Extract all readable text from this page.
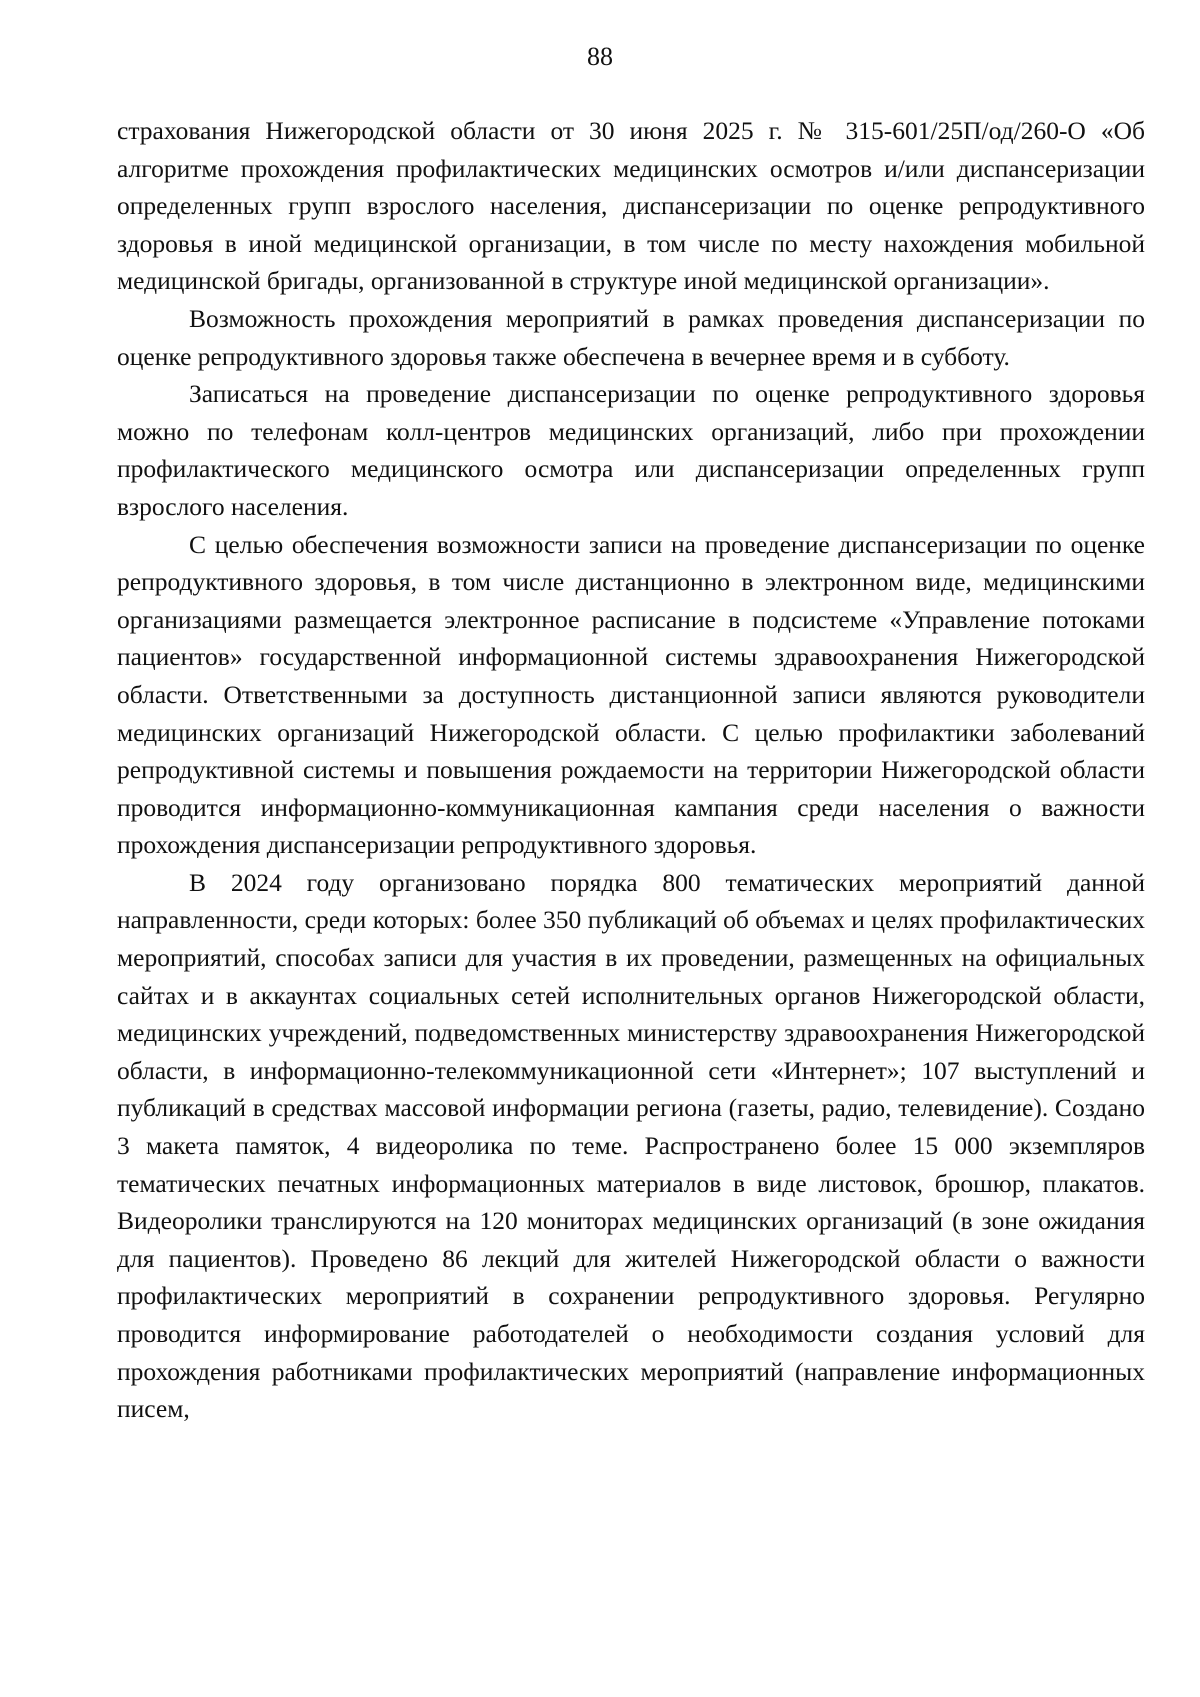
88

страхования Нижегородской области от 30 июня 2025 г. № 315-601/25П/од/260-О «Об алгоритме прохождения профилактических медицинских осмотров и/или диспансеризации определенных групп взрослого населения, диспансеризации по оценке репродуктивного здоровья в иной медицинской организации, в том числе по месту нахождения мобильной медицинской бригады, организованной в структуре иной медицинской организации».

Возможность прохождения мероприятий в рамках проведения диспансеризации по оценке репродуктивного здоровья также обеспечена в вечернее время и в субботу.

Записаться на проведение диспансеризации по оценке репродуктивного здоровья можно по телефонам колл-центров медицинских организаций, либо при прохождении профилактического медицинского осмотра или диспансеризации определенных групп взрослого населения.

С целью обеспечения возможности записи на проведение диспансеризации по оценке репродуктивного здоровья, в том числе дистанционно в электронном виде, медицинскими организациями размещается электронное расписание в подсистеме «Управление потоками пациентов» государственной информационной системы здравоохранения Нижегородской области. Ответственными за доступность дистанционной записи являются руководители медицинских организаций Нижегородской области. С целью профилактики заболеваний репродуктивной системы и повышения рождаемости на территории Нижегородской области проводится информационно-коммуникационная кампания среди населения о важности прохождения диспансеризации репродуктивного здоровья.

В 2024 году организовано порядка 800 тематических мероприятий данной направленности, среди которых: более 350 публикаций об объемах и целях профилактических мероприятий, способах записи для участия в их проведении, размещенных на официальных сайтах и в аккаунтах социальных сетей исполнительных органов Нижегородской области, медицинских учреждений, подведомственных министерству здравоохранения Нижегородской области, в информационно-телекоммуникационной сети «Интернет»; 107 выступлений и публикаций в средствах массовой информации региона (газеты, радио, телевидение). Создано 3 макета памяток, 4 видеоролика по теме. Распространено более 15 000 экземпляров тематических печатных информационных материалов в виде листовок, брошюр, плакатов. Видеоролики транслируются на 120 мониторах медицинских организаций (в зоне ожидания для пациентов). Проведено 86 лекций для жителей Нижегородской области о важности профилактических мероприятий в сохранении репродуктивного здоровья. Регулярно проводится информирование работодателей о необходимости создания условий для прохождения работниками профилактических мероприятий (направление информационных писем,
